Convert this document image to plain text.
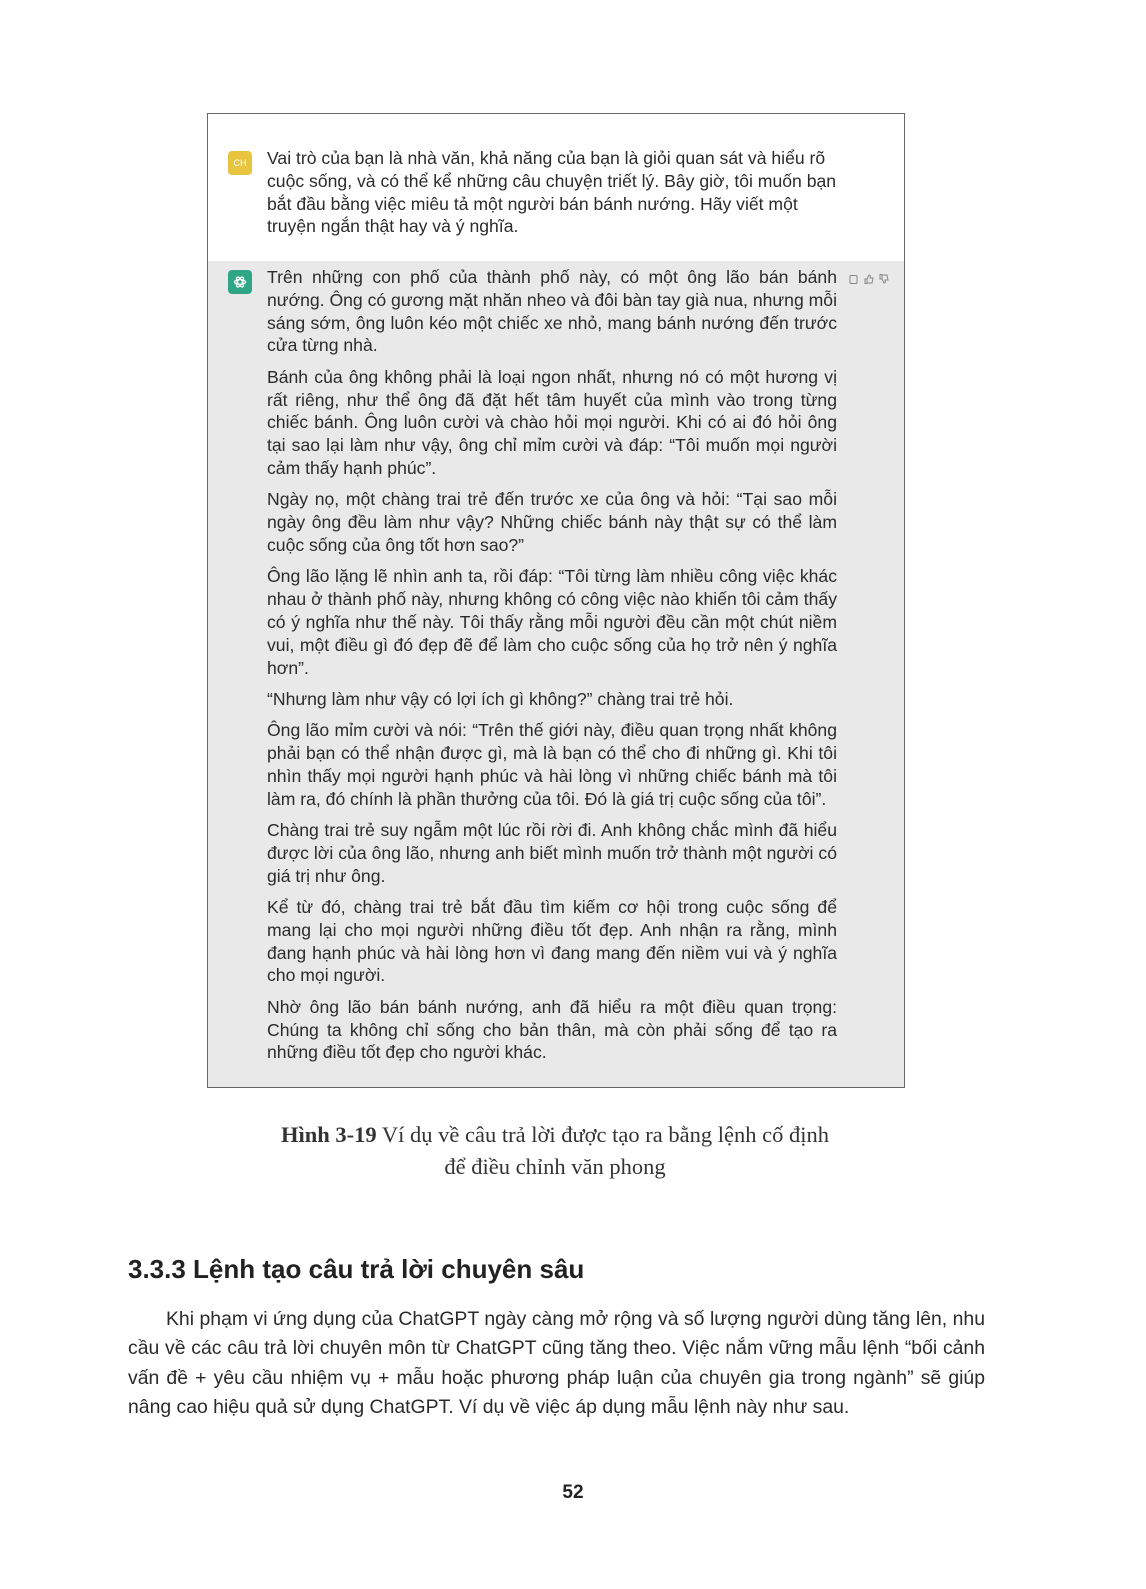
CH	Vai trò của bạn là nhà văn, khả năng của bạn là giỏi quan sát và hiểu rõ cuộc sống, và có thể kể những câu chuyện triết lý. Bây giờ, tôi muốn bạn bắt đầu bằng việc miêu tả một người bán bánh nướng. Hãy viết một truyện ngắn thật hay và ý nghĩa.

Trên những con phố của thành phố này, có một ông lão bán bánh nướng. Ông có gương mặt nhăn nheo và đôi bàn tay già nua, nhưng mỗi sáng sớm, ông luôn kéo một chiếc xe nhỏ, mang bánh nướng đến trước cửa từng nhà.

Bánh của ông không phải là loại ngon nhất, nhưng nó có một hương vị rất riêng, như thể ông đã đặt hết tâm huyết của mình vào trong từng chiếc bánh. Ông luôn cười và chào hỏi mọi người. Khi có ai đó hỏi ông tại sao lại làm như vậy, ông chỉ mỉm cười và đáp: “Tôi muốn mọi người cảm thấy hạnh phúc”.

Ngày nọ, một chàng trai trẻ đến trước xe của ông và hỏi: “Tại sao mỗi ngày ông đều làm như vậy? Những chiếc bánh này thật sự có thể làm cuộc sống của ông tốt hơn sao?”

Ông lão lặng lẽ nhìn anh ta, rồi đáp: “Tôi từng làm nhiều công việc khác nhau ở thành phố này, nhưng không có công việc nào khiến tôi cảm thấy có ý nghĩa như thế này. Tôi thấy rằng mỗi người đều cần một chút niềm vui, một điều gì đó đẹp đẽ để làm cho cuộc sống của họ trở nên ý nghĩa hơn”.

“Nhưng làm như vậy có lợi ích gì không?” chàng trai trẻ hỏi.

Ông lão mỉm cười và nói: “Trên thế giới này, điều quan trọng nhất không phải bạn có thể nhận được gì, mà là bạn có thể cho đi những gì. Khi tôi nhìn thấy mọi người hạnh phúc và hài lòng vì những chiếc bánh mà tôi làm ra, đó chính là phần thưởng của tôi. Đó là giá trị cuộc sống của tôi”.

Chàng trai trẻ suy ngẫm một lúc rồi rời đi. Anh không chắc mình đã hiểu được lời của ông lão, nhưng anh biết mình muốn trở thành một người có giá trị như ông.

Kể từ đó, chàng trai trẻ bắt đầu tìm kiếm cơ hội trong cuộc sống để mang lại cho mọi người những điều tốt đẹp. Anh nhận ra rằng, mình đang hạnh phúc và hài lòng hơn vì đang mang đến niềm vui và ý nghĩa cho mọi người.

Nhờ ông lão bán bánh nướng, anh đã hiểu ra một điều quan trọng: Chúng ta không chỉ sống cho bản thân, mà còn phải sống để tạo ra những điều tốt đẹp cho người khác.

Hình 3-19 Ví dụ về câu trả lời được tạo ra bằng lệnh cố định
để điều chỉnh văn phong
3.3.3 Lệnh tạo câu trả lời chuyên sâu

Khi phạm vi ứng dụng của ChatGPT ngày càng mở rộng và số lượng người dùng tăng lên, nhu cầu về các câu trả lời chuyên môn từ ChatGPT cũng tăng theo. Việc nắm vững mẫu lệnh “bối cảnh vấn đề + yêu cầu nhiệm vụ + mẫu hoặc phương pháp luận của chuyên gia trong ngành” sẽ giúp nâng cao hiệu quả sử dụng ChatGPT. Ví dụ về việc áp dụng mẫu lệnh này như sau.

52
